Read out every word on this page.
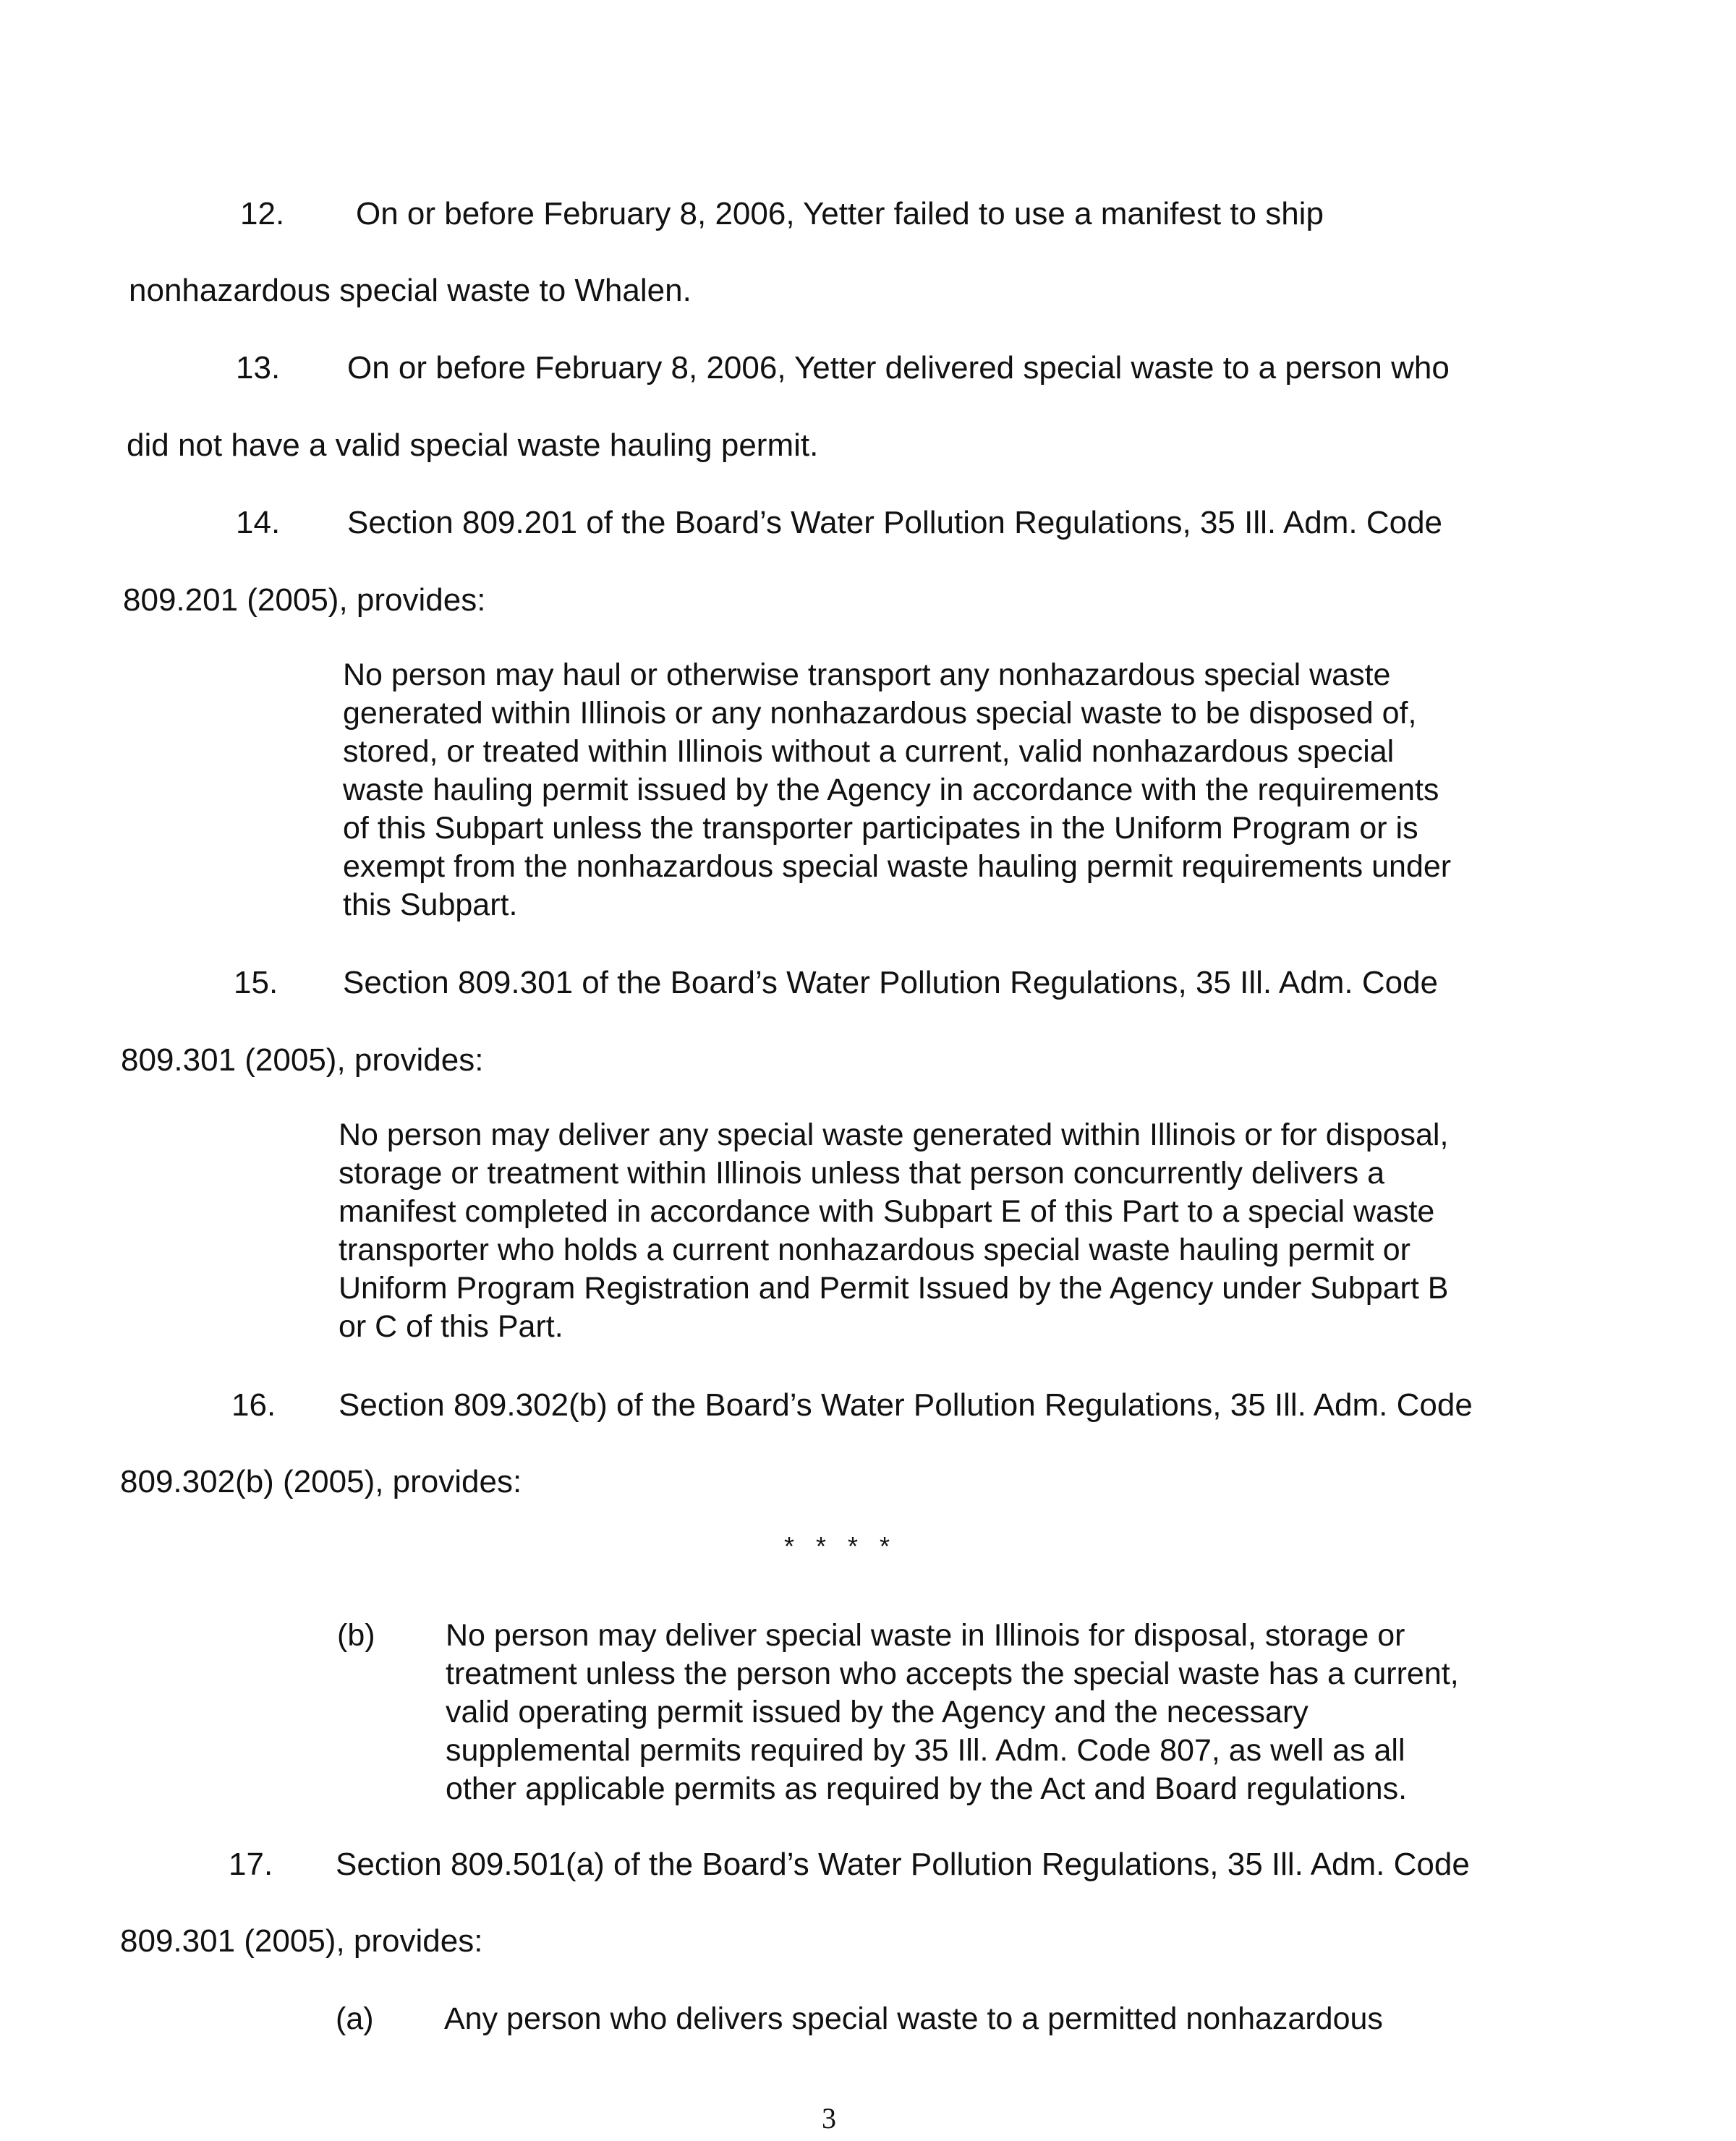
12. On or before February 8, 2006, Yetter failed to use a manifest to ship
nonhazardous special waste to Whalen.
13. On or before February 8, 2006, Yetter delivered special waste to a person who
did not have a valid special waste hauling permit.
14. Section 809.201 of the Board’s Water Pollution Regulations, 35 Ill. Adm. Code
809.201 (2005), provides:
No person may haul or otherwise transport any nonhazardous special waste
generated within Illinois or any nonhazardous special waste to be disposed of,
stored, or treated within Illinois without a current, valid nonhazardous special
waste hauling permit issued by the Agency in accordance with the requirements
of this Subpart unless the transporter participates in the Uniform Program or is
exempt from the nonhazardous special waste hauling permit requirements under
this Subpart.
15. Section 809.301 of the Board’s Water Pollution Regulations, 35 Ill. Adm. Code
809.301 (2005), provides:
No person may deliver any special waste generated within Illinois or for disposal,
storage or treatment within Illinois unless that person concurrently delivers a
manifest completed in accordance with Subpart E of this Part to a special waste
transporter who holds a current nonhazardous special waste hauling permit or
Uniform Program Registration and Permit Issued by the Agency under Subpart B
or C of this Part.
16. Section 809.302(b) of the Board’s Water Pollution Regulations, 35 Ill. Adm. Code
809.302(b) (2005), provides:
* * * *
(b) No person may deliver special waste in Illinois for disposal, storage or
treatment unless the person who accepts the special waste has a current,
valid operating permit issued by the Agency and the necessary
supplemental permits required by 35 Ill. Adm. Code 807, as well as all
other applicable permits as required by the Act and Board regulations.
17. Section 809.501(a) of the Board’s Water Pollution Regulations, 35 Ill. Adm. Code
809.301 (2005), provides:
(a) Any person who delivers special waste to a permitted nonhazardous
3
